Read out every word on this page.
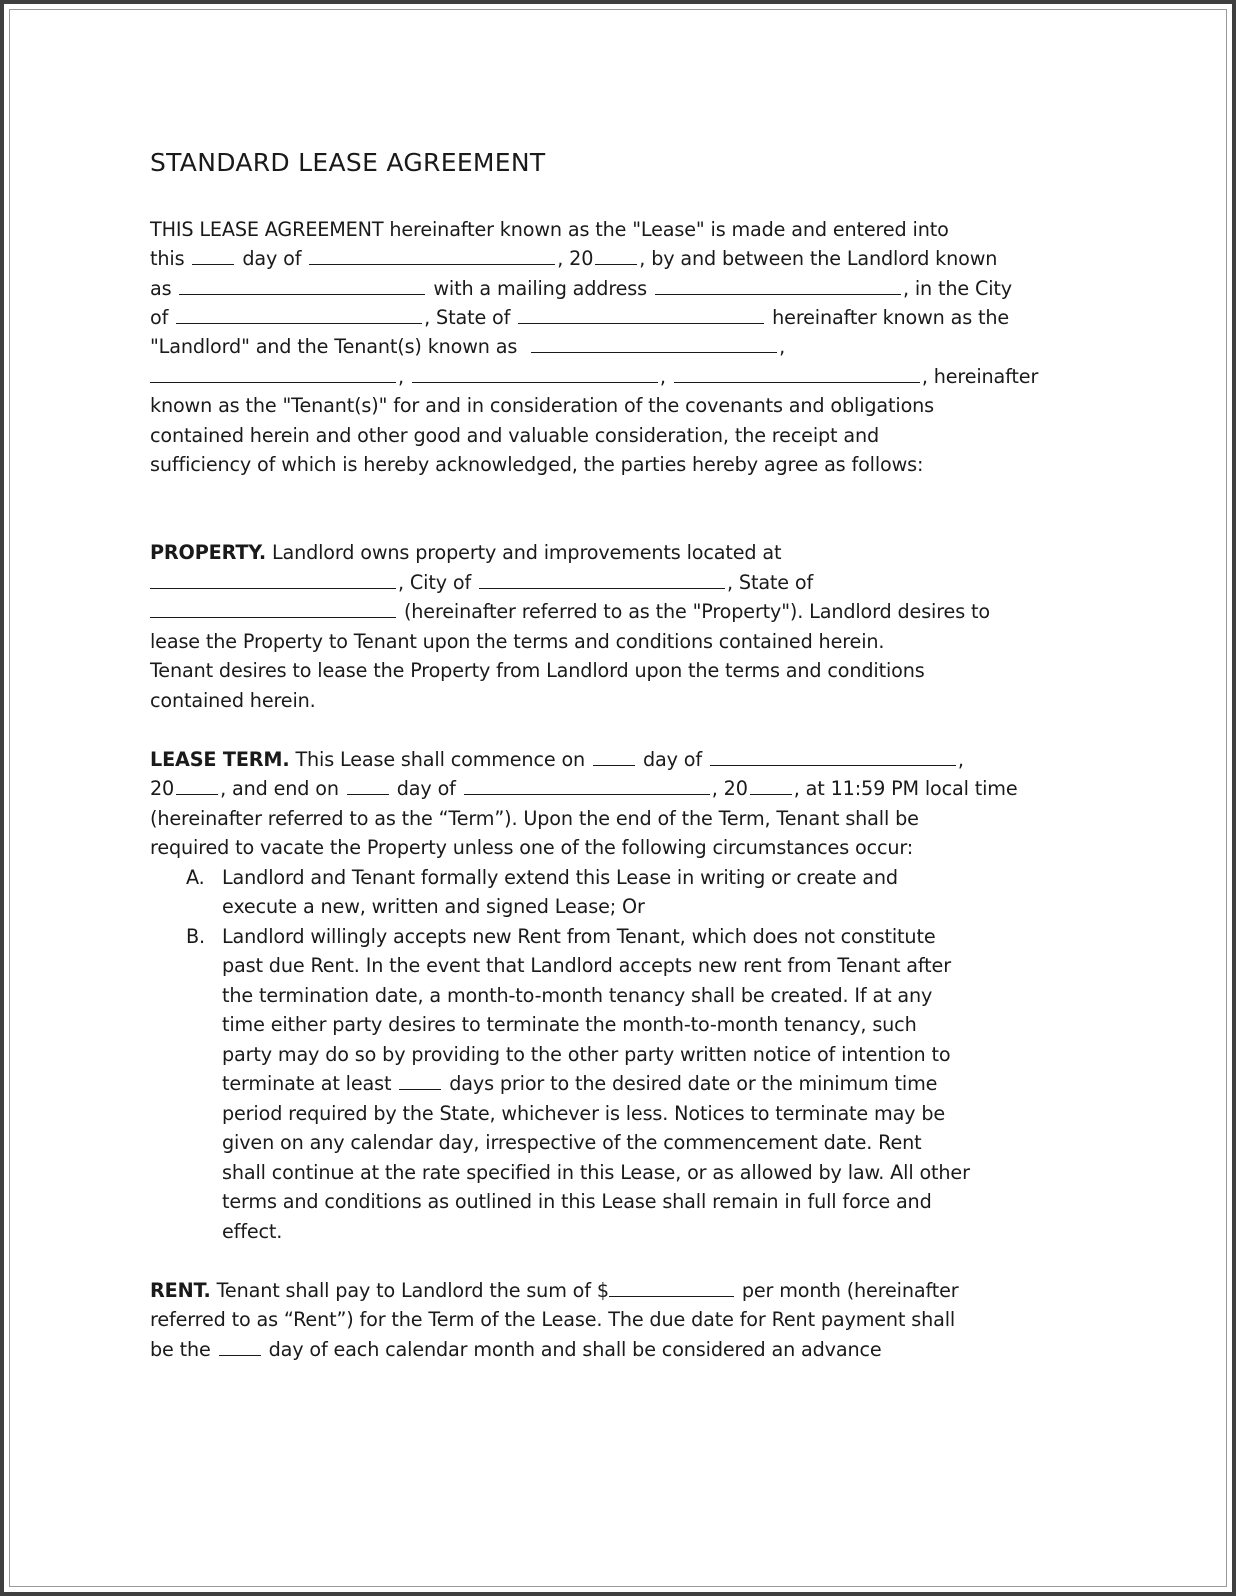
STANDARD LEASE AGREEMENT
THIS LEASE AGREEMENT hereinafter known as the "Lease" is made and entered into
this	day of	, 20 , by and between the Landlord known
as	with a mailing address	, in the City
of	, State of	hereinafter known as the
"Landlord" and the Tenant(s) known as	,
,	,	, hereinafter
known as the "Tenant(s)" for and in consideration of the covenants and obligations
contained herein and other good and valuable consideration, the receipt and
sufficiency of which is hereby acknowledged, the parties hereby agree as follows:
PROPERTY. Landlord owns property and improvements located at
, City of	, State of
(hereinafter referred to as the "Property"). Landlord desires to
lease the Property to Tenant upon the terms and conditions contained herein.
Tenant desires to lease the Property from Landlord upon the terms and conditions
contained herein.
LEASE TERM. This Lease shall commence on	day of	,
20 , and end on	day of	, 20 , at 11:59 PM local time
(hereinafter referred to as the “Term”). Upon the end of the Term, Tenant shall be
required to vacate the Property unless one of the following circumstances occur:
A. Landlord and Tenant formally extend this Lease in writing or create and
execute a new, written and signed Lease; Or
B. Landlord willingly accepts new Rent from Tenant, which does not constitute
past due Rent. In the event that Landlord accepts new rent from Tenant after
the termination date, a month-to-month tenancy shall be created. If at any
time either party desires to terminate the month-to-month tenancy, such
party may do so by providing to the other party written notice of intention to
terminate at least	days prior to the desired date or the minimum time
period required by the State, whichever is less. Notices to terminate may be
given on any calendar day, irrespective of the commencement date. Rent
shall continue at the rate specified in this Lease, or as allowed by law. All other
terms and conditions as outlined in this Lease shall remain in full force and
effect.
RENT. Tenant shall pay to Landlord the sum of $	per month (hereinafter
referred to as “Rent”) for the Term of the Lease. The due date for Rent payment shall
be the	day of each calendar month and shall be considered an advance
